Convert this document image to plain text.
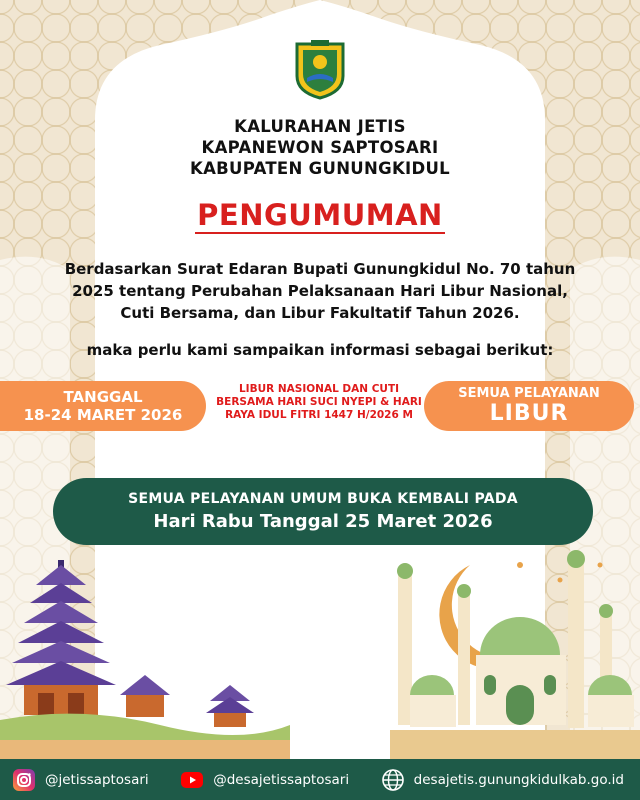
KALURAHAN JETIS
KAPANEWON SAPTOSARI
KABUPATEN GUNUNGKIDUL
PENGUMUMAN
Berdasarkan Surat Edaran Bupati Gunungkidul No. 70 tahun
2025 tentang Perubahan Pelaksanaan Hari Libur Nasional,
Cuti Bersama, dan Libur Fakultatif Tahun 2026.
maka perlu kami sampaikan informasi sebagai berikut:
TANGGAL
18-24 MARET 2026
LIBUR NASIONAL DAN CUTI
BERSAMA HARI SUCI NYEPI & HARI
RAYA IDUL FITRI 1447 H/2026 M
SEMUA PELAYANAN
LIBUR
SEMUA PELAYANAN UMUM BUKA KEMBALI PADA
Hari Rabu Tanggal 25 Maret 2026
@jetissaptosari	@desajetissaptosari	desajetis.gunungkidulkab.go.id
